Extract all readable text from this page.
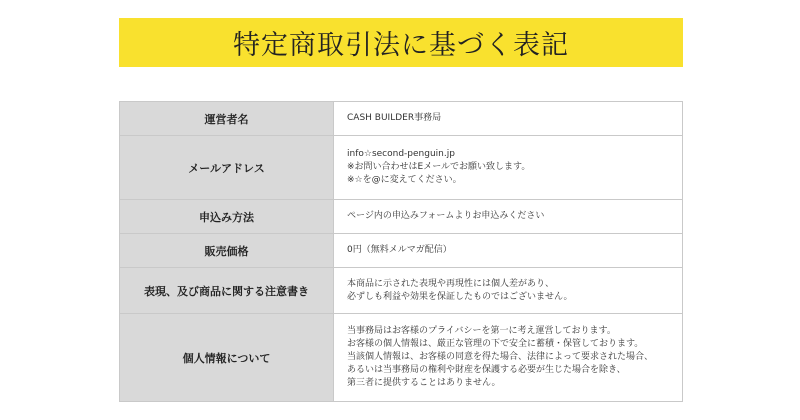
特定商取引法に基づく表記
運営者名	CASH BUILDER事務局

メールアドレス	info☆second-penguin.jp
※お問い合わせはEメールでお願い致します。
※☆を@に変えてください。

申込み方法	ページ内の申込みフォームよりお申込みください

販売価格	0円（無料メルマガ配信）

表現、及び商品に関する注意書き	本商品に示された表現や再現性には個人差があり、
必ずしも利益や効果を保証したものではございません。

個人情報について	当事務局はお客様のプライバシーを第一に考え運営しております。
お客様の個人情報は、厳正な管理の下で安全に蓄積・保管しております。
当該個人情報は、お客様の同意を得た場合、法律によって要求された場合、
あるいは当事務局の権利や財産を保護する必要が生じた場合を除き、
第三者に提供することはありません。
